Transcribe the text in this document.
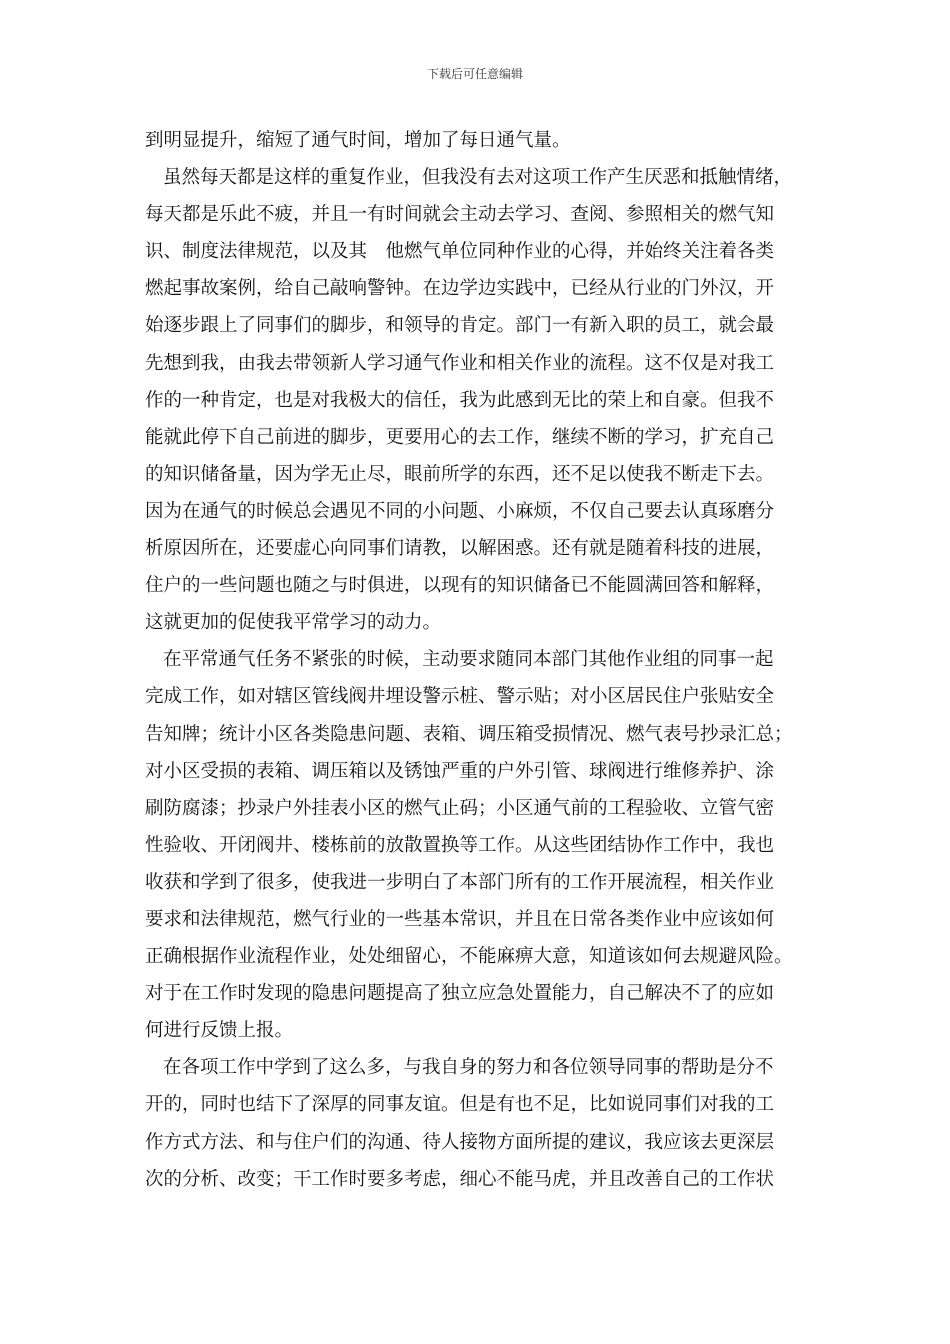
下载后可任意编辑
到明显提升，缩短了通气时间，增加了每日通气量。
虽然每天都是这样的重复作业，但我没有去对这项工作产生厌恶和抵触情绪，
每天都是乐此不疲，并且一有时间就会主动去学习、查阅、参照相关的燃气知
识、制度法律规范，以及其　他燃气单位同种作业的心得，并始终关注着各类
燃起事故案例，给自己敲响警钟。在边学边实践中，已经从行业的门外汉，开
始逐步跟上了同事们的脚步，和领导的肯定。部门一有新入职的员工，就会最
先想到我，由我去带领新人学习通气作业和相关作业的流程。这不仅是对我工
作的一种肯定，也是对我极大的信任，我为此感到无比的荣上和自豪。但我不
能就此停下自己前进的脚步，更要用心的去工作，继续不断的学习，扩充自己
的知识储备量，因为学无止尽，眼前所学的东西，还不足以使我不断走下去。
因为在通气的时候总会遇见不同的小问题、小麻烦，不仅自己要去认真琢磨分
析原因所在，还要虚心向同事们请教，以解困惑。还有就是随着科技的进展，
住户的一些问题也随之与时俱进，以现有的知识储备已不能圆满回答和解释，
这就更加的促使我平常学习的动力。
在平常通气任务不紧张的时候，主动要求随同本部门其他作业组的同事一起
完成工作，如对辖区管线阀井埋设警示桩、警示贴；对小区居民住户张贴安全
告知牌；统计小区各类隐患问题、表箱、调压箱受损情况、燃气表号抄录汇总；
对小区受损的表箱、调压箱以及锈蚀严重的户外引管、球阀进行维修养护、涂
刷防腐漆；抄录户外挂表小区的燃气止码；小区通气前的工程验收、立管气密
性验收、开闭阀井、楼栋前的放散置换等工作。从这些团结协作工作中，我也
收获和学到了很多，使我进一步明白了本部门所有的工作开展流程，相关作业
要求和法律规范，燃气行业的一些基本常识，并且在日常各类作业中应该如何
正确根据作业流程作业，处处细留心，不能麻痹大意，知道该如何去规避风险。
对于在工作时发现的隐患问题提高了独立应急处置能力，自己解决不了的应如
何进行反馈上报。
在各项工作中学到了这么多，与我自身的努力和各位领导同事的帮助是分不
开的，同时也结下了深厚的同事友谊。但是有也不足，比如说同事们对我的工
作方式方法、和与住户们的沟通、待人接物方面所提的建议，我应该去更深层
次的分析、改变；干工作时要多考虑，细心不能马虎，并且改善自己的工作状
